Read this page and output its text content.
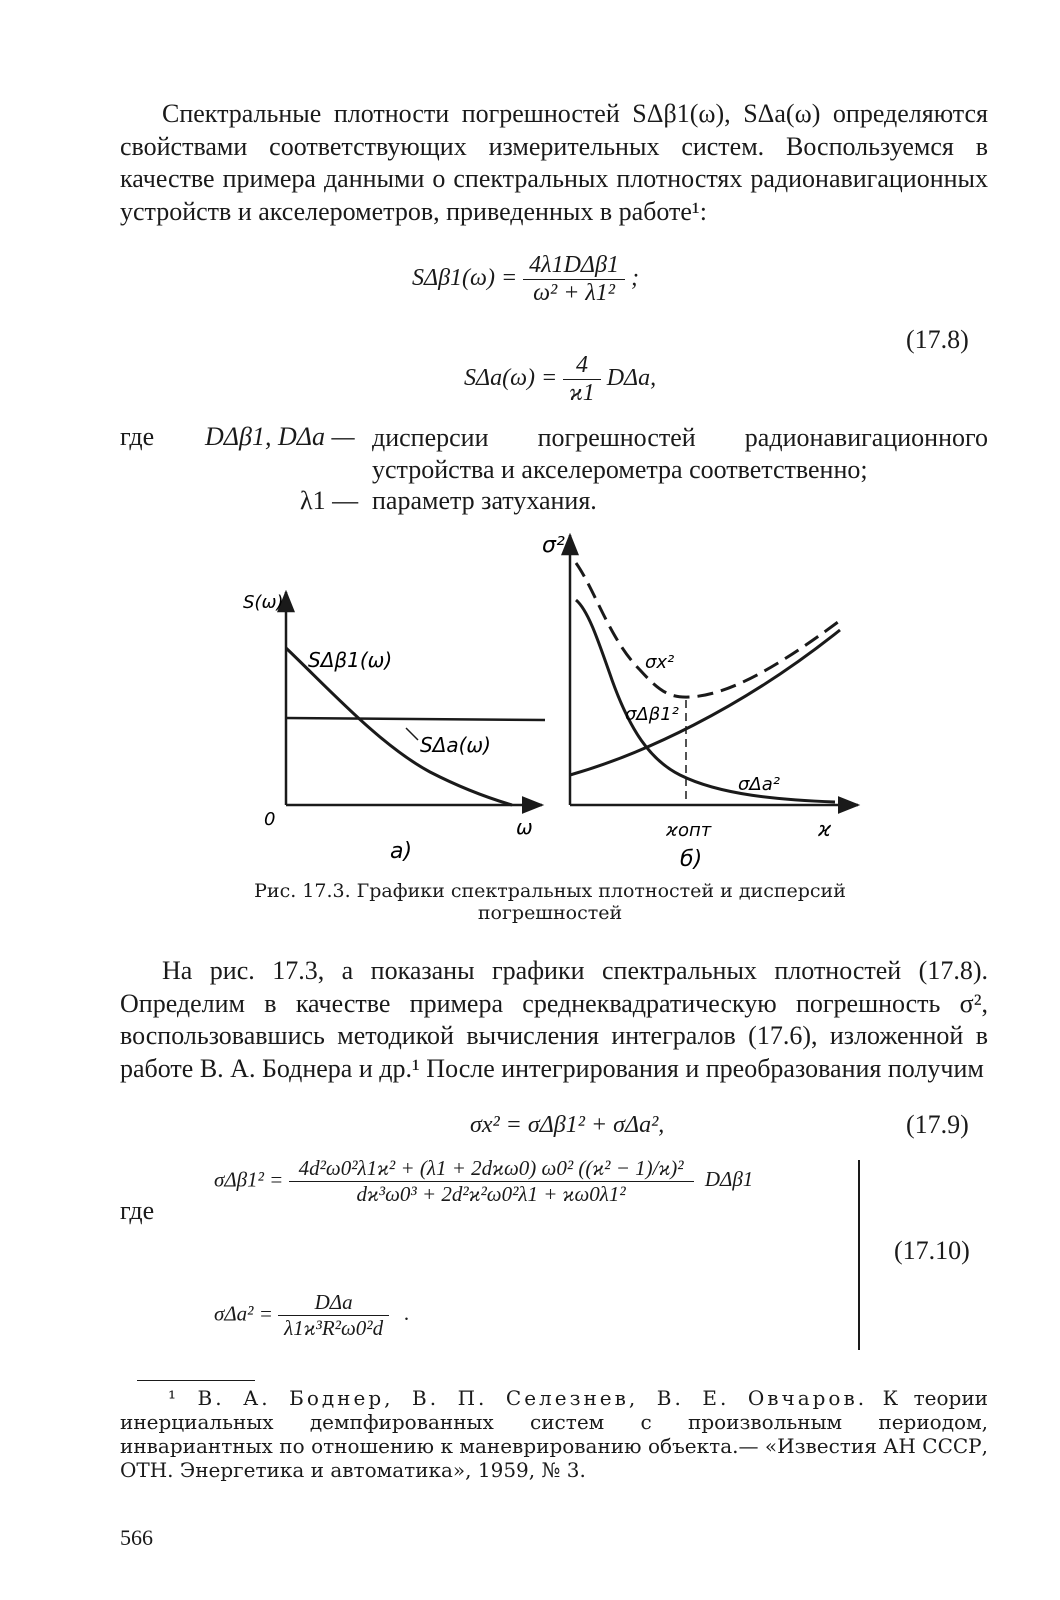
Спектральные плотности погрешностей SΔβ1(ω), SΔa(ω) определяются свойствами соответствующих измерительных систем. Воспользуемся в качестве примера данными о спектральных плотностях радионавигационных устройств и акселерометров, приведенных в работе¹:

$S\Delta\beta 1(\omega) = \frac{\text{4λ1DΔβ1}}{\text{ω² + λ1²}}$ ;
$S\Delta a(\omega) = \frac{4}{ϰ1} D\Delta a$,
(17.8)
где DΔβ1, DΔa — дисперсии погрешностей радионавигационного устройства и акселерометра соответственно;
λ1 — параметр затухания.
S(ω)
0	ω
SΔβ1(ω)
SΔa(ω)
а)
σ²
σx²
σΔβ1²
σΔa²
ϰопт	ϰ
б)
Рис. 17.3. Графики спектральных плотностей и дисперсий погрешностей

На рис. 17.3, а показаны графики спектральных плотностей (17.8). Определим в качестве примера среднеквадратическую погрешность σ², воспользовавшись методикой вычисления интегралов (17.6), изложенной в работе В. А. Боднера и др.¹ После интегрирования и преобразования получим

σx² = σΔβ1² + σΔa²,	(17.9)
где
$\sigma\Delta\beta 1^2 = \frac{\text{4d²ω0²λ1ϰ² + (λ1 + 2dϰω0) ω0² ((ϰ² − 1)/ϰ)²}}{\text{dϰ³ω0³ + 2d²ϰ²ω0²λ1 + ϰω0λ1²}} D\Delta\beta 1$
$\sigma\Delta a^2 = \frac{\text{DΔa}}{\text{λ1ϰ³R²ω0²d}}$ .
(17.10)
¹ В. А. Боднер, В. П. Селезнев, В. Е. Овчаров. К теории инерциальных демпфированных систем с произвольным периодом, инвариантных по отношению к маневрированию объекта.— «Известия АН СССР, ОТН. Энергетика и автоматика», 1959, № 3.
566
